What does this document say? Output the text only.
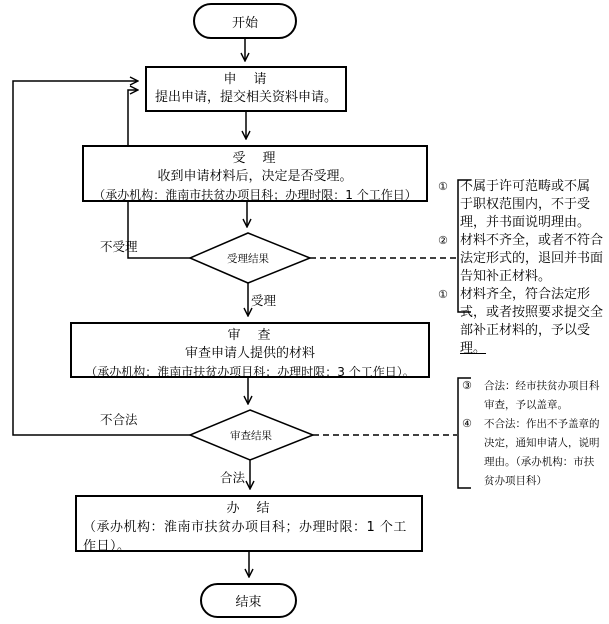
开始
申　请
提出申请，提交相关资料申请。
受　理
收到申请材料后，决定是否受理。
（承办机构：淮南市扶贫办项目科；办理时限：1 个工作日）
受理结果
不受理
受理
审　查
审查申请人提供的材料
（承办机构：淮南市扶贫办项目科；办理时限：3 个工作日）。
审查结果
不合法
合法
办　结
（承办机构：淮南市扶贫办项目科；办理时限：1 个工作日）。
结束
① 不属于许可范畴或不属
于职权范围内，不于受
理，并书面说明理由。
② 材料不齐全，或者不符合
法定形式的，退回并书面
告知补正材料。
① 材料齐全，符合法定形
式，或者按照要求提交全
部补正材料的，予以受
理。
③	合法：经市扶贫办项目科
审查，予以盖章。
④	不合法：作出不予盖章的
决定，通知申请人，说明
理由。（承办机构：市扶
贫办项目科）
